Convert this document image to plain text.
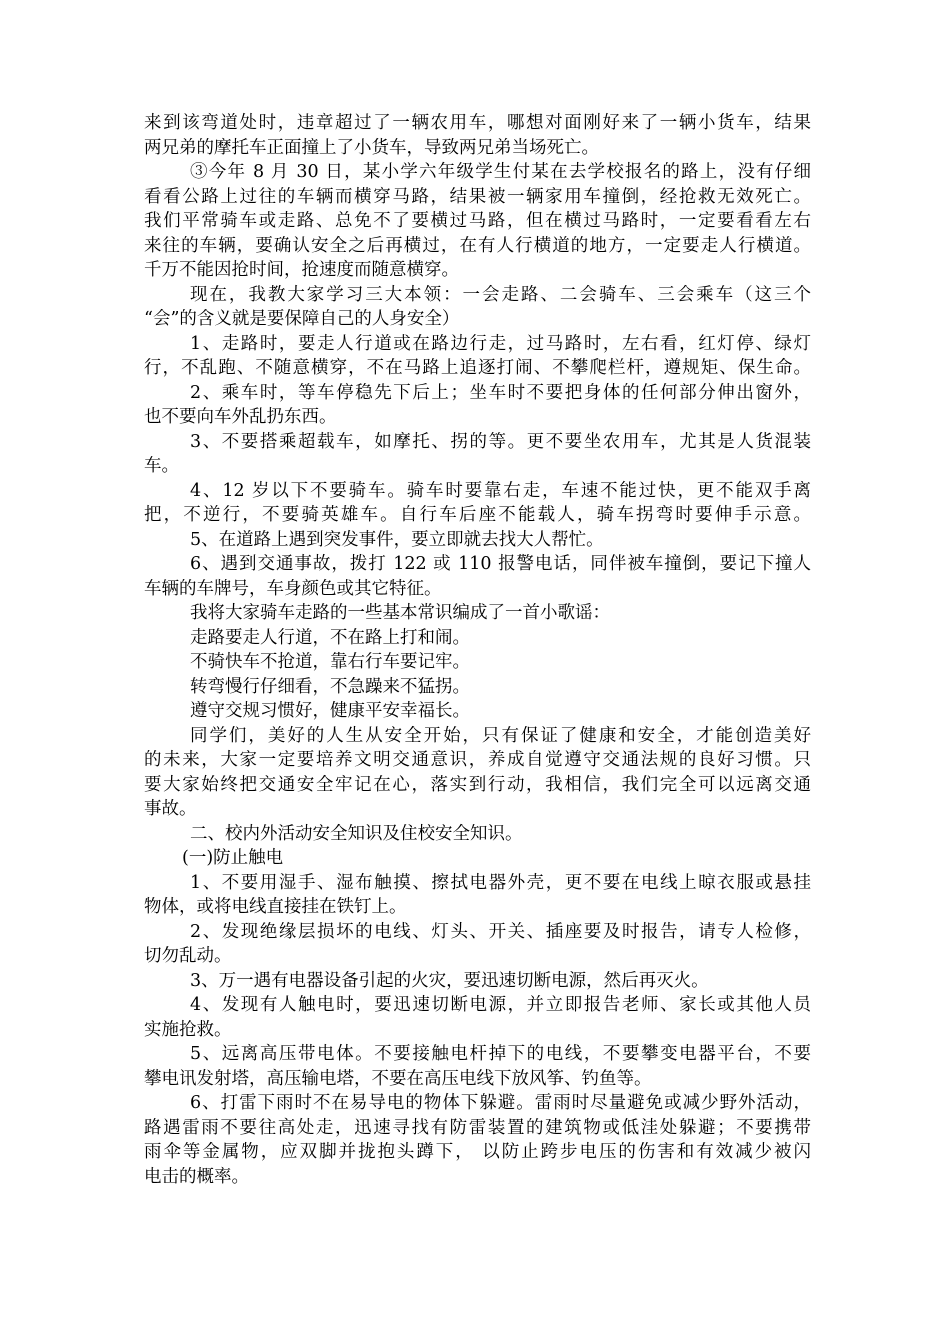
来到该弯道处时，违章超过了一辆农用车，哪想对面刚好来了一辆小货车，结果
两兄弟的摩托车正面撞上了小货车，导致两兄弟当场死亡。
③今年 8 月 30 日，某小学六年级学生付某在去学校报名的路上，没有仔细
看看公路上过往的车辆而横穿马路，结果被一辆家用车撞倒，经抢救无效死亡。
我们平常骑车或走路、总免不了要横过马路，但在横过马路时，一定要看看左右
来往的车辆，要确认安全之后再横过，在有人行横道的地方，一定要走人行横道。
千万不能因抢时间，抢速度而随意横穿。
现在，我教大家学习三大本领：一会走路、二会骑车、三会乘车（这三个
“会”的含义就是要保障自己的人身安全）
1、走路时，要走人行道或在路边行走，过马路时，左右看，红灯停、绿灯
行，不乱跑、不随意横穿，不在马路上追逐打闹、不攀爬栏杆，遵规矩、保生命。
2、乘车时，等车停稳先下后上；坐车时不要把身体的任何部分伸出窗外，
也不要向车外乱扔东西。
3、不要搭乘超载车，如摩托、拐的等。更不要坐农用车，尤其是人货混装
车。
4、12 岁以下不要骑车。骑车时要靠右走，车速不能过快，更不能双手离
把，不逆行，不要骑英雄车。自行车后座不能载人，骑车拐弯时要伸手示意。
5、在道路上遇到突发事件，要立即就去找大人帮忙。
6、遇到交通事故，拨打 122 或 110 报警电话，同伴被车撞倒，要记下撞人
车辆的车牌号，车身颜色或其它特征。
我将大家骑车走路的一些基本常识编成了一首小歌谣：
走路要走人行道，不在路上打和闹。
不骑快车不抢道，靠右行车要记牢。
转弯慢行仔细看，不急躁来不猛拐。
遵守交规习惯好，健康平安幸福长。
同学们，美好的人生从安全开始，只有保证了健康和安全，才能创造美好
的未来，大家一定要培养文明交通意识，养成自觉遵守交通法规的良好习惯。只
要大家始终把交通安全牢记在心，落实到行动，我相信，我们完全可以远离交通
事故。
二、校内外活动安全知识及住校安全知识。
(一)防止触电
1、不要用湿手、湿布触摸、擦拭电器外壳，更不要在电线上晾衣服或悬挂
物体，或将电线直接挂在铁钉上。
2、发现绝缘层损坏的电线、灯头、开关、插座要及时报告，请专人检修，
切勿乱动。
3、万一遇有电器设备引起的火灾，要迅速切断电源，然后再灭火。
4、发现有人触电时，要迅速切断电源，并立即报告老师、家长或其他人员
实施抢救。
5、远离高压带电体。不要接触电杆掉下的电线，不要攀变电器平台，不要
攀电讯发射塔，高压输电塔，不要在高压电线下放风筝、钓鱼等。
6、打雷下雨时不在易导电的物体下躲避。雷雨时尽量避免或减少野外活动，
路遇雷雨不要往高处走，迅速寻找有防雷装置的建筑物或低洼处躲避；不要携带
雨伞等金属物，应双脚并拢抱头蹲下， 以防止跨步电压的伤害和有效减少被闪
电击的概率。
